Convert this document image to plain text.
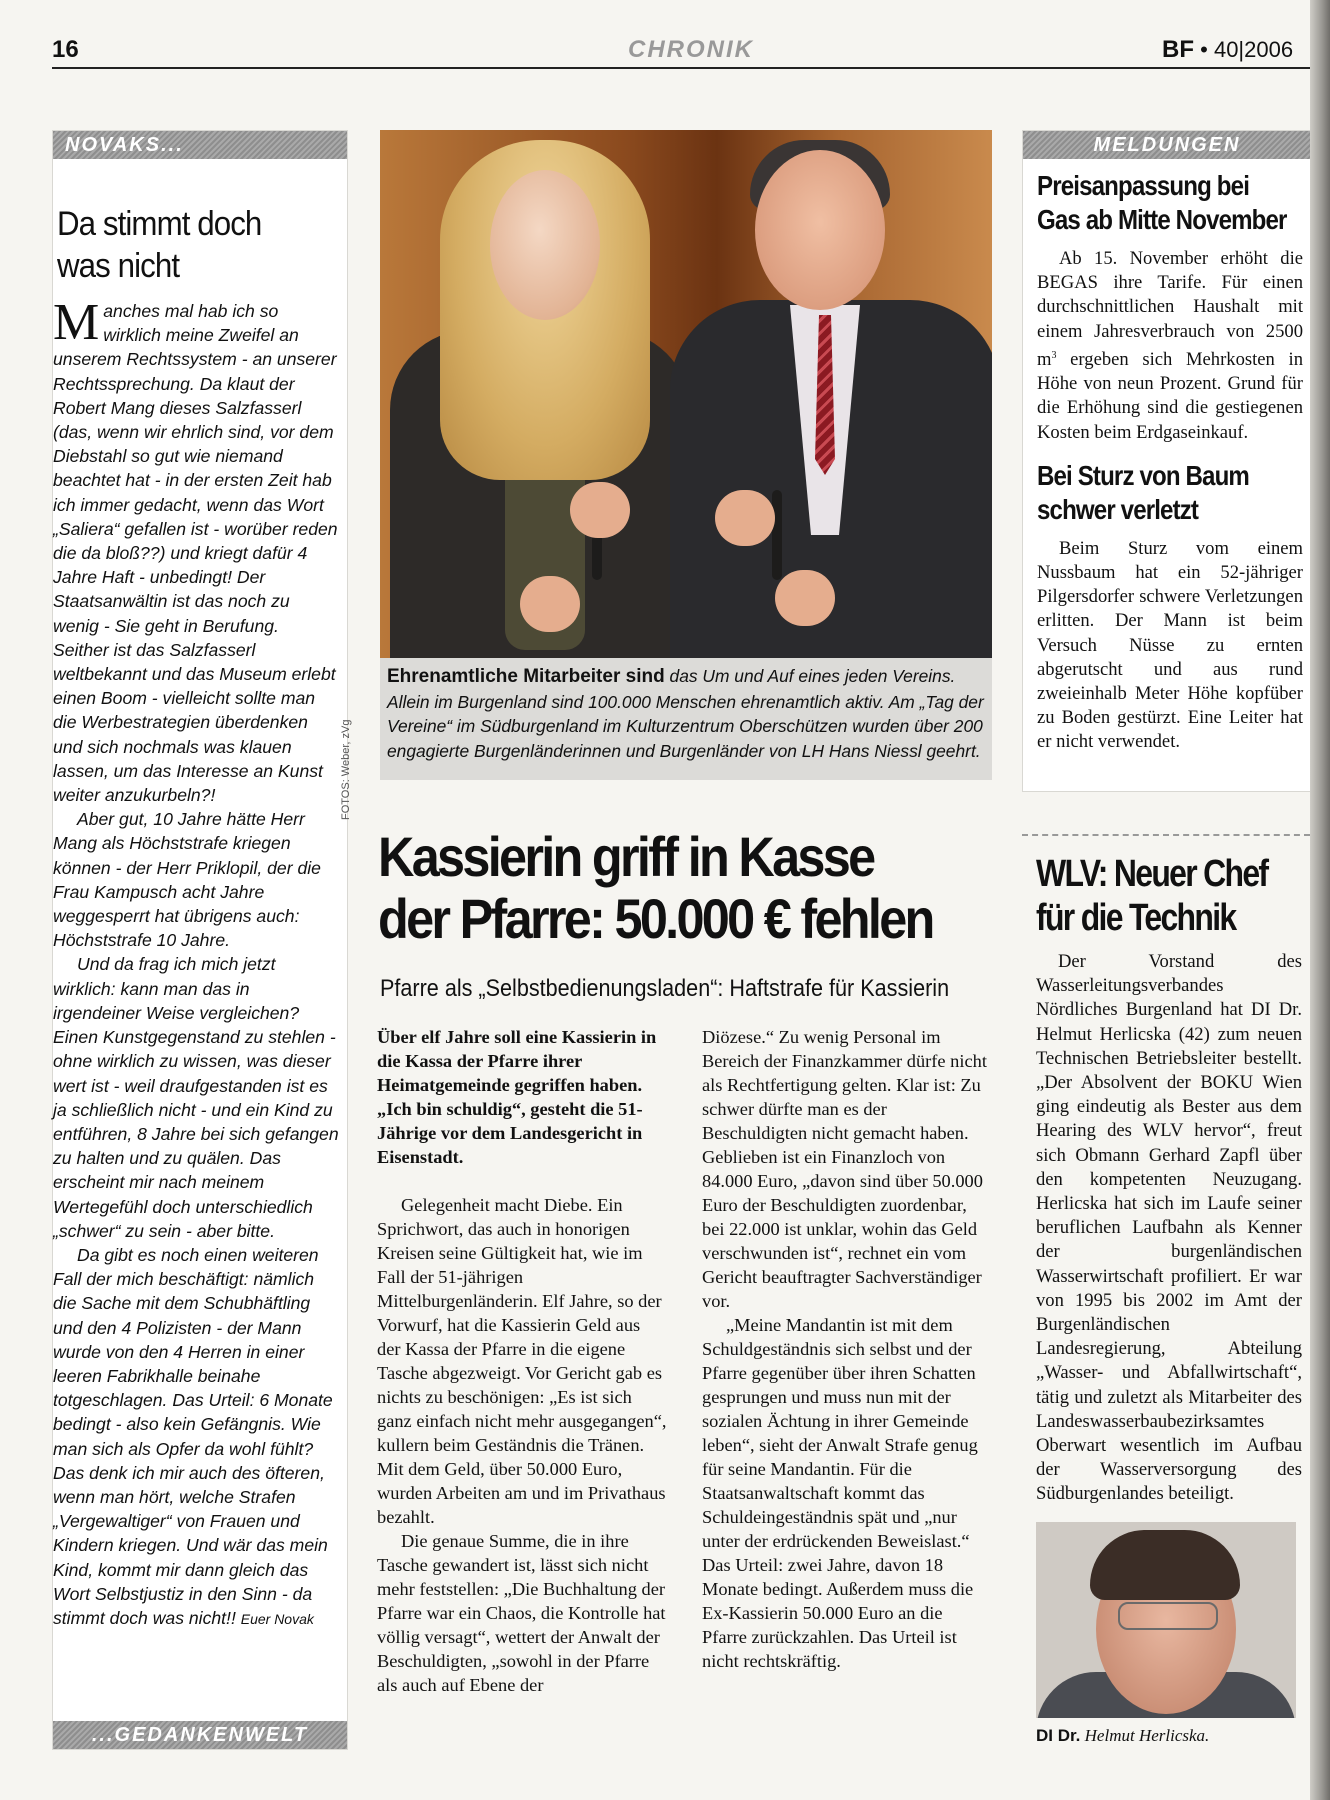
16	CHRONIK	BF • 40|2006
NOVAKS...
Da stimmt doch
was nicht

Manches mal hab ich so wirklich meine Zweifel an unserem Rechtssystem - an unserer Rechtssprechung. Da klaut der Robert Mang dieses Salzfasserl (das, wenn wir ehrlich sind, vor dem Diebstahl so gut wie niemand beachtet hat - in der ersten Zeit hab ich immer gedacht, wenn das Wort „Saliera“ gefallen ist - worüber reden die da bloß??) und kriegt dafür 4 Jahre Haft - unbedingt! Der Staatsanwältin ist das noch zu wenig - Sie geht in Berufung. Seither ist das Salzfasserl weltbekannt und das Museum erlebt einen Boom - vielleicht sollte man die Werbestrategien überdenken und sich nochmals was klauen lassen, um das Interesse an Kunst weiter anzukurbeln?!

Aber gut, 10 Jahre hätte Herr Mang als Höchststrafe kriegen können - der Herr Priklopil, der die Frau Kampusch acht Jahre weggesperrt hat übrigens auch: Höchststrafe 10 Jahre.

Und da frag ich mich jetzt wirklich: kann man das in irgendeiner Weise vergleichen? Einen Kunstgegenstand zu stehlen - ohne wirklich zu wissen, was dieser wert ist - weil draufgestanden ist es ja schließlich nicht - und ein Kind zu entführen, 8 Jahre bei sich gefangen zu halten und zu quälen. Das erscheint mir nach meinem Wertegefühl doch unterschiedlich „schwer“ zu sein - aber bitte.

Da gibt es noch einen weiteren Fall der mich beschäftigt: nämlich die Sache mit dem Schubhäftling und den 4 Polizisten - der Mann wurde von den 4 Herren in einer leeren Fabrikhalle beinahe totgeschlagen. Das Urteil: 6 Monate bedingt - also kein Gefängnis. Wie man sich als Opfer da wohl fühlt? Das denk ich mir auch des öfteren, wenn man hört, welche Strafen „Vergewaltiger“ von Frauen und Kindern kriegen. Und wär das mein Kind, kommt mir dann gleich das Wort Selbstjustiz in den Sinn - da stimmt doch was nicht!! Euer Novak

...GEDANKENWELT
FOTOS: Weber, zVg
Ehrenamtliche Mitarbeiter sind das Um und Auf eines jeden Vereins. Allein im Burgenland sind 100.000 Menschen ehrenamtlich aktiv. Am „Tag der Vereine“ im Südburgenland im Kulturzentrum Oberschützen wurden über 200 engagierte Burgenländerinnen und Burgenländer von LH Hans Niessl geehrt.
Kassierin griff in Kasse
der Pfarre: 50.000 € fehlen
Pfarre als „Selbstbedienungsladen“: Haftstrafe für Kassierin

Über elf Jahre soll eine Kassierin in die Kassa der Pfarre ihrer Heimatgemeinde gegriffen haben. „Ich bin schuldig“, gesteht die 51-Jährige vor dem Landesgericht in Eisenstadt.

Gelegenheit macht Diebe. Ein Sprichwort, das auch in honorigen Kreisen seine Gültigkeit hat, wie im Fall der 51-jährigen Mittelburgenländerin. Elf Jahre, so der Vorwurf, hat die Kassierin Geld aus der Kassa der Pfarre in die eigene Tasche abgezweigt. Vor Gericht gab es nichts zu beschönigen: „Es ist sich ganz einfach nicht mehr ausgegangen“, kullern beim Geständnis die Tränen. Mit dem Geld, über 50.000 Euro, wurden Arbeiten am und im Privathaus bezahlt.

Die genaue Summe, die in ihre Tasche gewandert ist, lässt sich nicht mehr feststellen: „Die Buchhaltung der Pfarre war ein Chaos, die Kontrolle hat völlig versagt“, wettert der Anwalt der Beschuldigten, „sowohl in der Pfarre als auch auf Ebene der

Diözese.“ Zu wenig Personal im Bereich der Finanzkammer dürfe nicht als Rechtfertigung gelten. Klar ist: Zu schwer dürfte man es der Beschuldigten nicht gemacht haben. Geblieben ist ein Finanzloch von 84.000 Euro, „davon sind über 50.000 Euro der Beschuldigten zuordenbar, bei 22.000 ist unklar, wohin das Geld verschwunden ist“, rechnet ein vom Gericht beauftragter Sachverständiger vor.

„Meine Mandantin ist mit dem Schuldgeständnis sich selbst und der Pfarre gegenüber über ihren Schatten gesprungen und muss nun mit der sozialen Ächtung in ihrer Gemeinde leben“, sieht der Anwalt Strafe genug für seine Mandantin. Für die Staatsanwaltschaft kommt das Schuldeingeständnis spät und „nur unter der erdrückenden Beweislast.“ Das Urteil: zwei Jahre, davon 18 Monate bedingt. Außerdem muss die Ex-Kassierin 50.000 Euro an die Pfarre zurückzahlen. Das Urteil ist nicht rechtskräftig.

MELDUNGEN
Preisanpassung bei
Gas ab Mitte November
Ab 15. November erhöht die BEGAS ihre Tarife. Für einen durchschnittlichen Haushalt mit einem Jahresverbrauch von 2500 $m^3$ ergeben sich Mehrkosten in Höhe von neun Prozent. Grund für die Erhöhung sind die gestiegenen Kosten beim Erdgaseinkauf.
Bei Sturz von Baum
schwer verletzt
Beim Sturz vom einem Nussbaum hat ein 52-jähriger Pilgersdorfer schwere Verletzungen erlitten. Der Mann ist beim Versuch Nüsse zu ernten abgerutscht und aus rund zweieinhalb Meter Höhe kopfüber zu Boden gestürzt. Eine Leiter hat er nicht verwendet.
WLV: Neuer Chef
für die Technik
Der Vorstand des Wasserleitungsverbandes Nördliches Burgenland hat DI Dr. Helmut Herlicska (42) zum neuen Technischen Betriebsleiter bestellt. „Der Absolvent der BOKU Wien ging eindeutig als Bester aus dem Hearing des WLV hervor“, freut sich Obmann Gerhard Zapfl über den kompetenten Neuzugang. Herlicska hat sich im Laufe seiner beruflichen Laufbahn als Kenner der burgenländischen Wasserwirtschaft profiliert. Er war von 1995 bis 2002 im Amt der Burgenländischen Landesregierung, Abteilung „Wasser- und Abfallwirtschaft“, tätig und zuletzt als Mitarbeiter des Landeswasserbaubezirksamtes Oberwart wesentlich im Aufbau der Wasserversorgung des Südburgenlandes beteiligt.
DI Dr. Helmut Herlicska.
